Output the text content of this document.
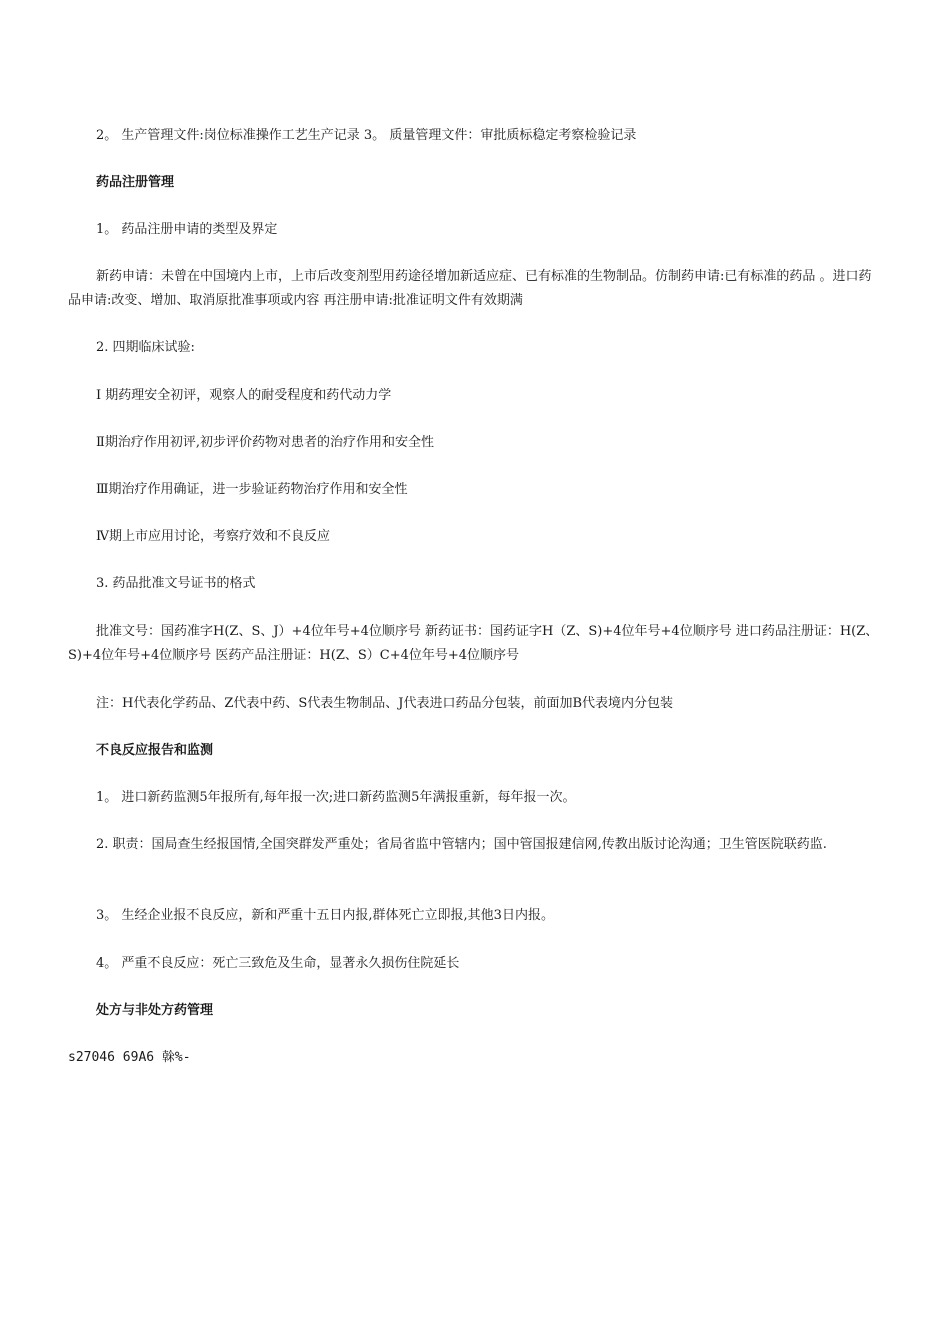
2。 生产管理文件:岗位标准操作工艺生产记录 3。 质量管理文件：审批质标稳定考察检验记录
药品注册管理
1。 药品注册申请的类型及界定
新药申请：未曾在中国境内上市，上市后改变剂型用药途径增加新适应症、已有标准的生物制品。仿制药申请:已有标准的药品 。进口药品申请:改变、增加、取消原批准事项或内容 再注册申请:批准证明文件有效期满
2. 四期临床试验:
Ⅰ 期药理安全初评，观察人的耐受程度和药代动力学
Ⅱ期治疗作用初评,初步评价药物对患者的治疗作用和安全性
Ⅲ期治疗作用确证，进一步验证药物治疗作用和安全性
Ⅳ期上市应用讨论，考察疗效和不良反应
3. 药品批准文号证书的格式
批准文号：国药准字H(Z、S、J）+4位年号+4位顺序号 新药证书：国药证字H（Z、S)+4位年号+4位顺序号 进口药品注册证：H(Z、S)+4位年号+4位顺序号 医药产品注册证：H(Z、S）C+4位年号+4位顺序号
注：H代表化学药品、Z代表中药、S代表生物制品、J代表进口药品分包装，前面加B代表境内分包装
不良反应报告和监测
1。 进口新药监测5年报所有,每年报一次;进口新药监测5年满报重新，每年报一次。
2. 职责：国局查生经报国情,全国突群发严重处；省局省监中管辖内；国中管国报建信网,传教出版讨论沟通；卫生管医院联药监.
3。 生经企业报不良反应，新和严重十五日内报,群体死亡立即报,其他3日内报。
4。 严重不良反应：死亡三致危及生命，显著永久损伤住院延长
处方与非处方药管理
s27046 69A6 榦%-
